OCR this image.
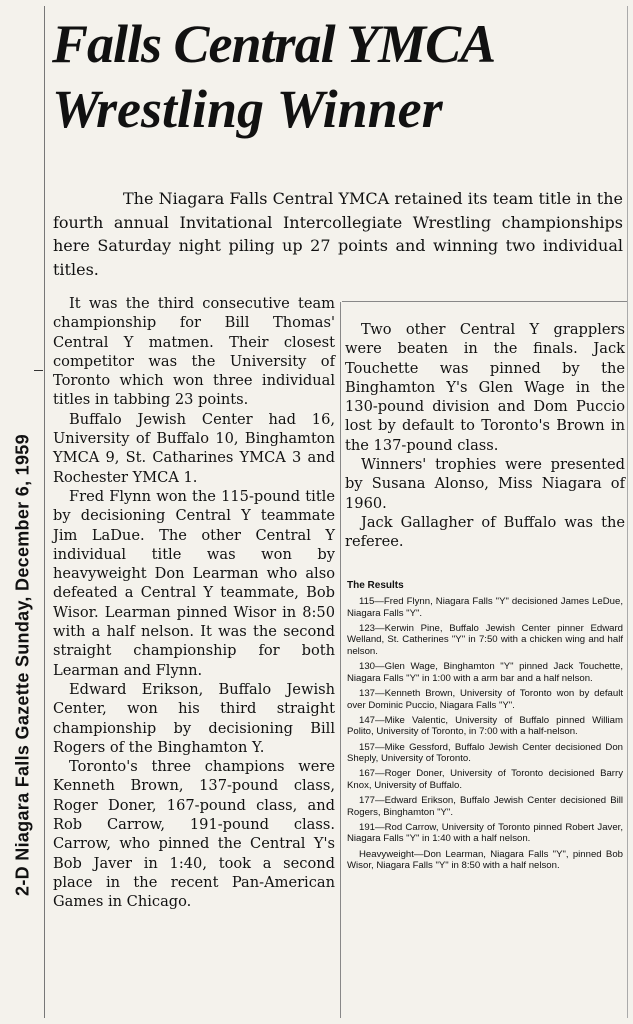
2-D Niagara Falls Gazette Sunday, December 6, 1959
Falls Central YMCA
Wrestling Winner
The Niagara Falls Central YMCA retained its team title in the fourth annual Invitational Intercollegiate Wrestling championships here Saturday night piling up 27 points and winning two individual titles.

It was the third consecutive team championship for Bill Thomas' Central Y matmen. Their closest competitor was the University of Toronto which won three individual titles in tabbing 23 points.

Buffalo Jewish Center had 16, University of Buffalo 10, Binghamton YMCA 9, St. Catharines YMCA 3 and Rochester YMCA 1.

Fred Flynn won the 115-pound title by decisioning Central Y teammate Jim LaDue. The other Central Y individual title was won by heavyweight Don Learman who also defeated a Central Y teammate, Bob Wisor. Learman pinned Wisor in 8:50 with a half nelson. It was the second straight championship for both Learman and Flynn.

Edward Erikson, Buffalo Jewish Center, won his third straight championship by decisioning Bill Rogers of the Binghamton Y.

Toronto's three champions were Kenneth Brown, 137-pound class, Roger Doner, 167-pound class, and Rob Carrow, 191-pound class. Carrow, who pinned the Central Y's Bob Javer in 1:40, took a second place in the recent Pan-American Games in Chicago.

Two other Central Y grapplers were beaten in the finals. Jack Touchette was pinned by the Binghamton Y's Glen Wage in the 130-pound division and Dom Puccio lost by default to Toronto's Brown in the 137-pound class.

Winners' trophies were presented by Susana Alonso, Miss Niagara of 1960.

Jack Gallagher of Buffalo was the referee.

The Results

115—Fred Flynn, Niagara Falls "Y" decisioned James LeDue, Niagara Falls "Y".

123—Kerwin Pine, Buffalo Jewish Center pinner Edward Welland, St. Catherines "Y" in 7:50 with a chicken wing and half nelson.

130—Glen Wage, Binghamton "Y" pinned Jack Touchette, Niagara Falls "Y" in 1:00 with a arm bar and a half nelson.

137—Kenneth Brown, University of Toronto won by default over Dominic Puccio, Niagara Falls "Y".

147—Mike Valentic, University of Buffalo pinned William Polito, University of Toronto, in 7:00 with a half-nelson.

157—Mike Gessford, Buffalo Jewish Center decisioned Don Sheply, University of Toronto.

167—Roger Doner, University of Toronto decisioned Barry Knox, University of Buffalo.

177—Edward Erikson, Buffalo Jewish Center decisioned Bill Rogers, Binghamton "Y".

191—Rod Carrow, University of Toronto pinned Robert Javer, Niagara Falls "Y" in 1:40 with a half nelson.

Heavyweight—Don Learman, Niagara Falls "Y", pinned Bob Wisor, Niagara Falls "Y" in 8:50 with a half nelson.
